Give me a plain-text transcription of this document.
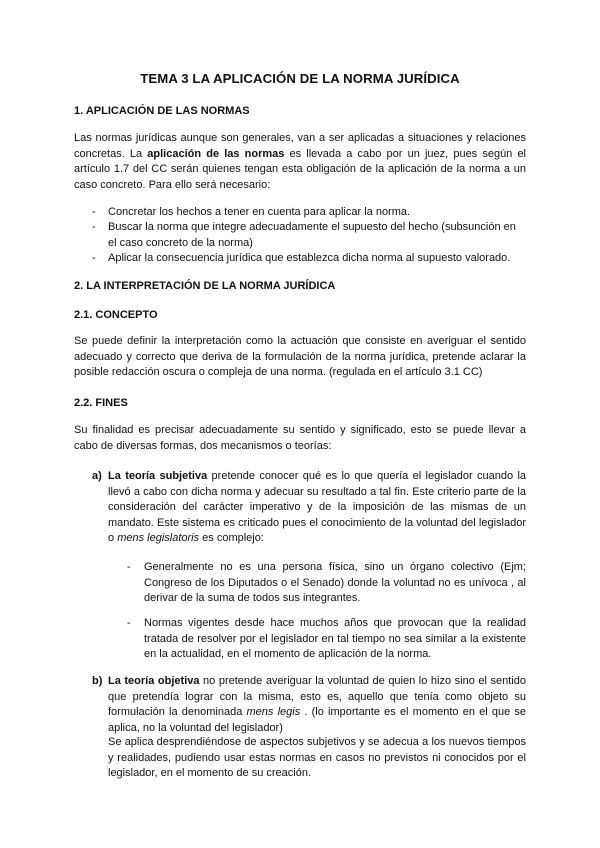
TEMA 3 LA APLICACIÓN DE LA NORMA JURÍDICA
1. APLICACIÓN DE LAS NORMAS
Las normas jurídicas aunque son generales, van a ser aplicadas a situaciones y relaciones concretas. La aplicación de las normas es llevada a cabo por un juez, pues según el artículo 1.7 del CC serán quienes tengan esta obligación de la aplicación de la norma a un caso concreto. Para ello será necesario:
- Concretar los hechos a tener en cuenta para aplicar la norma.
- Buscar la norma que integre adecuadamente el supuesto del hecho (subsunción en el caso concreto de la norma)
- Aplicar la consecuencia jurídica que establezca dicha norma al supuesto valorado.
2. LA INTERPRETACIÓN DE LA NORMA JURÍDICA
2.1. CONCEPTO
Se puede definir la interpretación como la actuación que consiste en averiguar el sentido adecuado y correcto que deriva de la formulación de la norma jurídica, pretende aclarar la posible redacción oscura o compleja de una norma. (regulada en el artículo 3.1 CC)
2.2. FINES
Su finalidad es precisar adecuadamente su sentido y significado, esto se puede llevar a cabo de diversas formas, dos mecanismos o teorías:
a) La teoría subjetiva pretende conocer qué es lo que quería el legislador cuando la llevó a cabo con dicha norma y adecuar su resultado a tal fin. Este criterio parte de la consideración del carácter imperativo y de la imposición de las mismas de un mandato. Este sistema es criticado pues el conocimiento de la voluntad del legislador o mens legislatoris es complejo:
- Generalmente no es una persona física, sino un órgano colectivo (Ejm; Congreso de los Diputados o el Senado) donde la voluntad no es unívoca , al derivar de la suma de todos sus integrantes.
- Normas vigentes desde hace muchos años que provocan que la realidad tratada de resolver por el legislador en tal tiempo no sea similar a la existente en la actualidad, en el momento de aplicación de la norma.
b) La teoría objetiva no pretende averiguar la voluntad de quien lo hizo sino el sentido que pretendía lograr con la misma, esto es, aquello que tenía como objeto su formulación la denominada mens legis . (lo importante es el momento en el que se aplica, no la voluntad del legislador)
Se aplica desprendiéndose de aspectos subjetivos y se adecua a los nuevos tiempos y realidades, pudiendo usar estas normas en casos no previstos ni conocidos por el legislador, en el momento de su creación.
